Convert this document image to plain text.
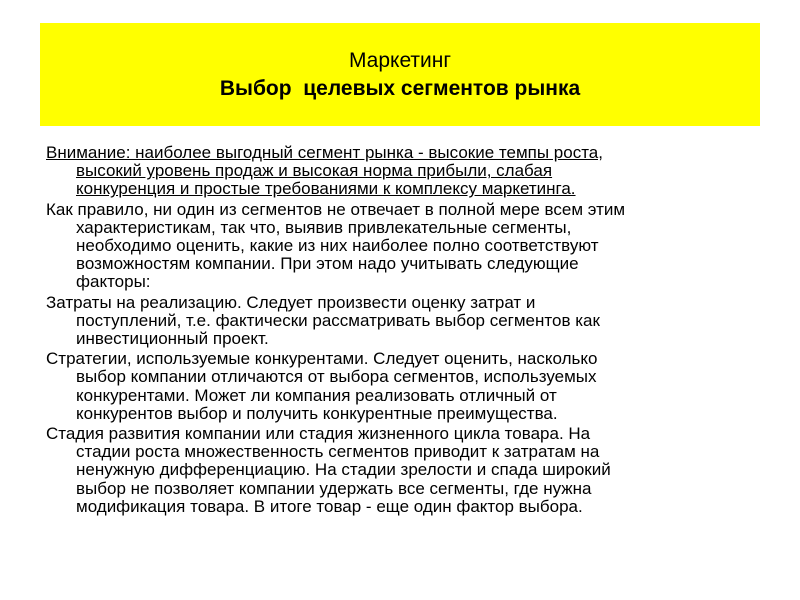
Маркетинг
Выбор  целевых сегментов рынка
Внимание: наиболее выгодный сегмент рынка - высокие темпы роста,
высокий уровень продаж и высокая норма прибыли, слабая
конкуренция и простые требованиями к комплексу маркетинга.
Как правило, ни один из сегментов не отвечает в полной мере всем этим
характеристикам, так что, выявив привлекательные сегменты,
необходимо оценить, какие из них наиболее полно соответствуют
возможностям компании. При этом надо учитывать следующие
факторы:
Затраты на реализацию. Следует произвести оценку затрат и
поступлений, т.е. фактически рассматривать выбор сегментов как
инвестиционный проект.
Стратегии, используемые конкурентами. Следует оценить, насколько
выбор компании отличаются от выбора сегментов, используемых
конкурентами. Может ли компания реализовать отличный от
конкурентов выбор и получить конкурентные преимущества.
Стадия развития компании или стадия жизненного цикла товара. На
стадии роста множественность сегментов приводит к затратам на
ненужную дифференциацию. На стадии зрелости и спада широкий
выбор не позволяет компании удержать все сегменты, где нужна
модификация товара. В итоге товар - еще один фактор выбора.
